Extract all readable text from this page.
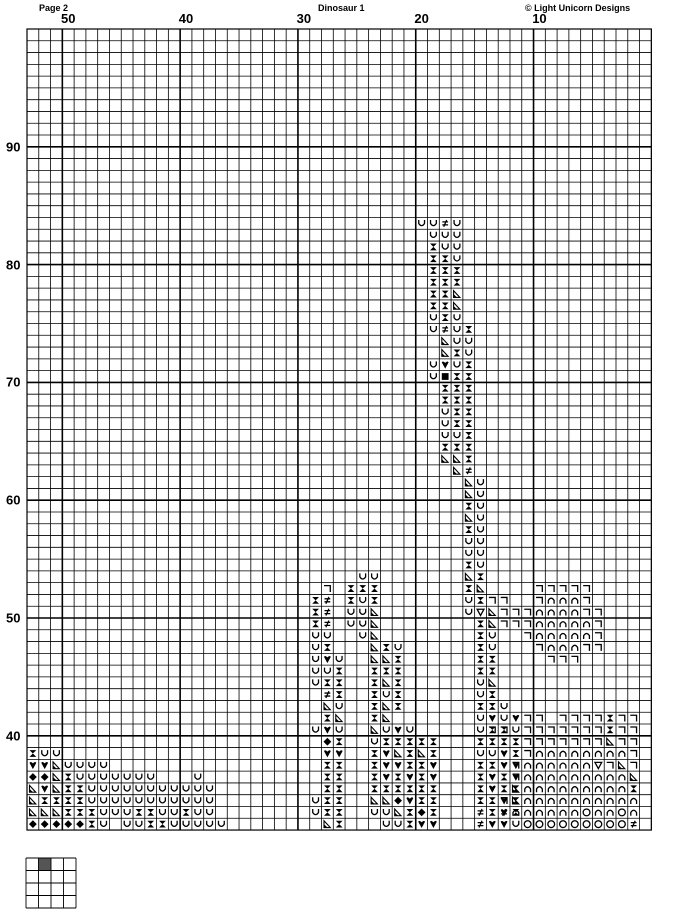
Page 2	Dinosaur 1	© Light Unicorn Designs
50	40	30	20	10
90
80
70
60
50
40
